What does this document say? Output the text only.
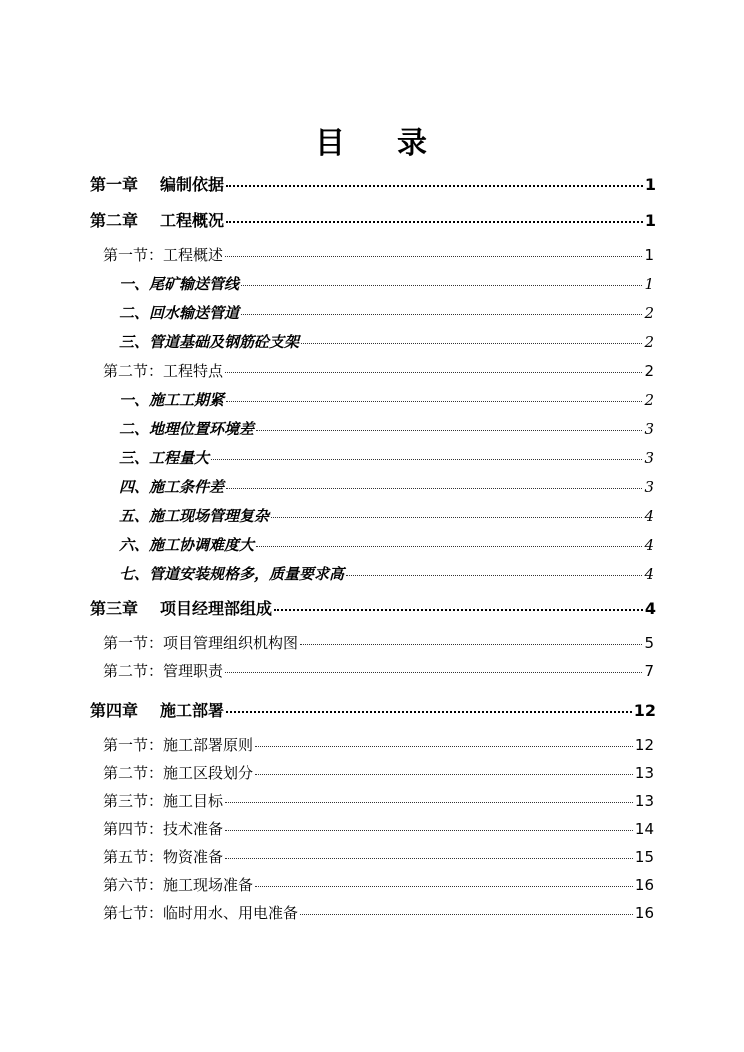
目 录
第一章 编制依据	1
第二章 工程概况	1
第一节：工程概述	1
一、尾矿输送管线	1
二、回水输送管道	2
三、管道基础及钢筋砼支架	2
第二节：工程特点	2
一、施工工期紧	2
二、地理位置环境差	3
三、工程量大	3
四、施工条件差	3
五、施工现场管理复杂	4
六、施工协调难度大	4
七、管道安装规格多，质量要求高	4
第三章 项目经理部组成	4
第一节：项目管理组织机构图	5
第二节：管理职责	7
第四章 施工部署	12
第一节：施工部署原则	12
第二节：施工区段划分	13
第三节：施工目标	13
第四节：技术准备	14
第五节：物资准备	15
第六节：施工现场准备	16
第七节：临时用水、用电准备	16
